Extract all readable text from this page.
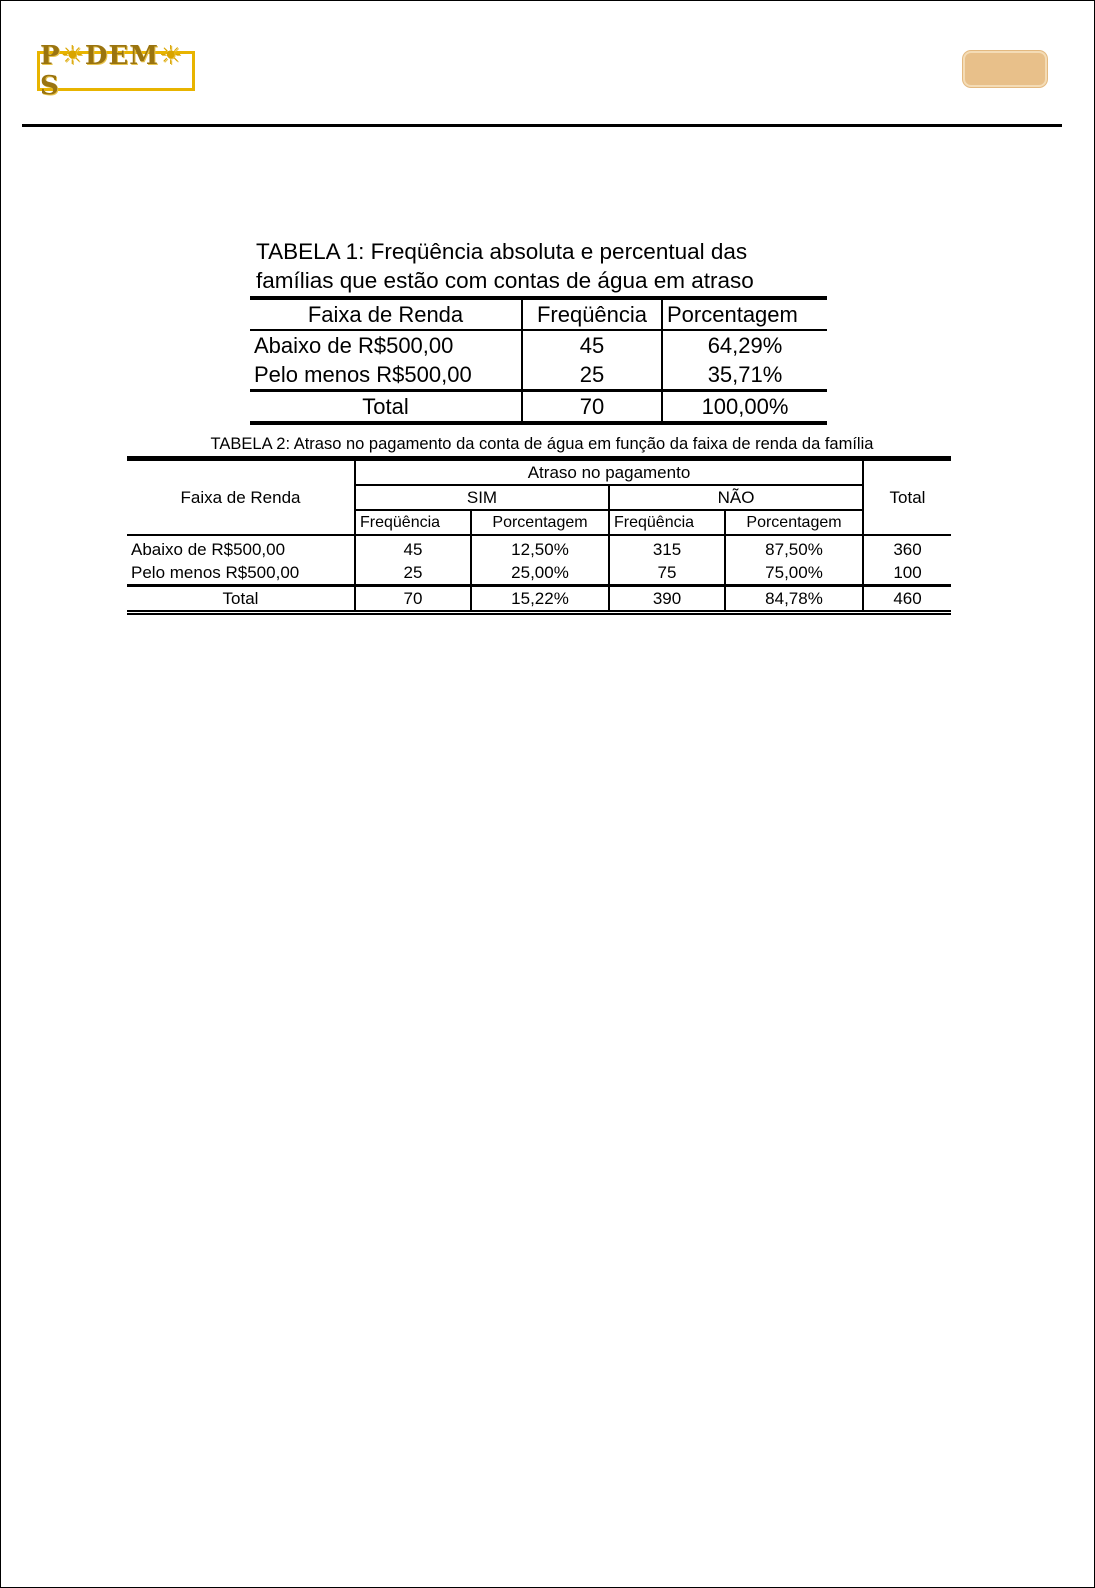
P☀DEM☀S
TABELA 1: Freqüência absoluta e percentual das
famílias que estão com contas de água em atraso
Faixa de Renda	Freqüência	Porcentagem
Abaixo de R$500,00	45	64,29%
Pelo menos R$500,00	25	35,71%
Total	70	100,00%
TABELA 2: Atraso no pagamento da conta de água em função da faixa de renda da família
Faixa de Renda	Atraso no pagamento				Total
	SIM		NÃO		
	Freqüência	Porcentagem	Freqüência	Porcentagem	
Abaixo de R$500,00	45	12,50%	315	87,50%	360
Pelo menos R$500,00	25	25,00%	75	75,00%	100
Total	70	15,22%	390	84,78%	460
